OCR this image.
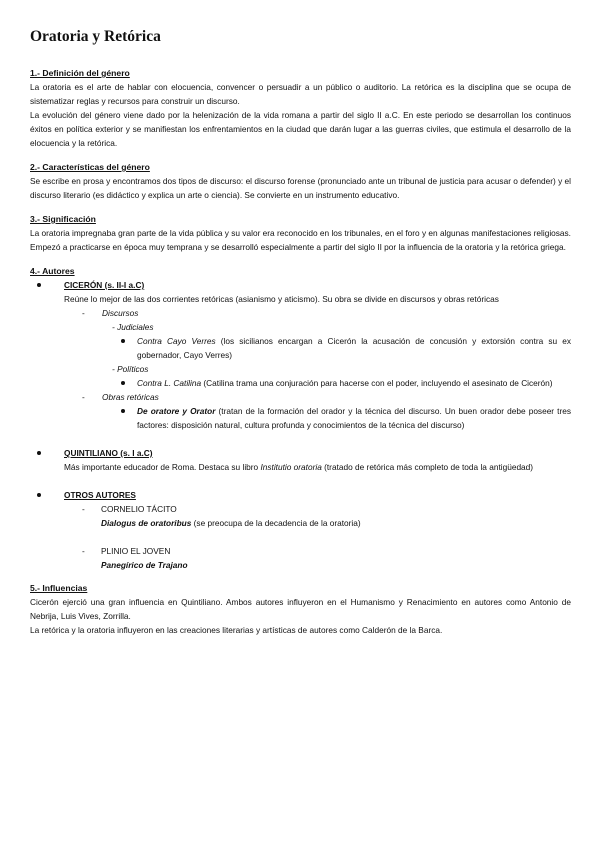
Oratoria y Retórica
1.- Definición del género

La oratoria es el arte de hablar con elocuencia, convencer o persuadir a un público o auditorio. La retórica es la disciplina que se ocupa de sistematizar reglas y recursos para construir un discurso.

La evolución del género viene dado por la helenización de la vida romana a partir del siglo II a.C. En este periodo se desarrollan los continuos éxitos en política exterior y se manifiestan los enfrentamientos en la ciudad que darán lugar a las guerras civiles, que estimula el desarrollo de la elocuencia y la retórica.

2.- Características del género

Se escribe en prosa y encontramos dos tipos de discurso: el discurso forense (pronunciado ante un tribunal de justicia para acusar o defender) y el discurso literario (es didáctico y explica un arte o ciencia). Se convierte en un instrumento educativo.

3.- Significación

La oratoria impregnaba gran parte de la vida pública y su valor era reconocido en los tribunales, en el foro y en algunas manifestaciones religiosas. Empezó a practicarse en época muy temprana y se desarrolló especialmente a partir del siglo II por la influencia de la oratoria y la retórica griega.

4.- Autores
CICERÓN (s. II-I a.C)

Reúne lo mejor de las dos corrientes retóricas (asianismo y aticismo). Su obra se divide en discursos y obras retóricas

- Discursos
- Judiciales
Contra Cayo Verres (los sicilianos encargan a Cicerón la acusación de concusión y extorsión contra su ex gobernador, Cayo Verres)
- Políticos
Contra L. Catilina (Catilina trama una conjuración para hacerse con el poder, incluyendo el asesinato de Cicerón)
- Obras retóricas
De oratore y Orator (tratan de la formación del orador y la técnica del discurso. Un buen orador debe poseer tres factores: disposición natural, cultura profunda y conocimientos de la técnica del discurso)
QUINTILIANO (s. I a.C)

Más importante educador de Roma. Destaca su libro Institutio oratoria (tratado de retórica más completo de toda la antigüedad)

OTROS AUTORES
- CORNELIO TÁCITO
Dialogus de oratoribus (se preocupa de la decadencia de la oratoria)
- PLINIO EL JOVEN
Panegírico de Trajano
5.- Influencias

Cicerón ejerció una gran influencia en Quintiliano. Ambos autores influyeron en el Humanismo y Renacimiento en autores como Antonio de Nebrija, Luis Vives, Zorrilla.

La retórica y la oratoria influyeron en las creaciones literarias y artísticas de autores como Calderón de la Barca.
